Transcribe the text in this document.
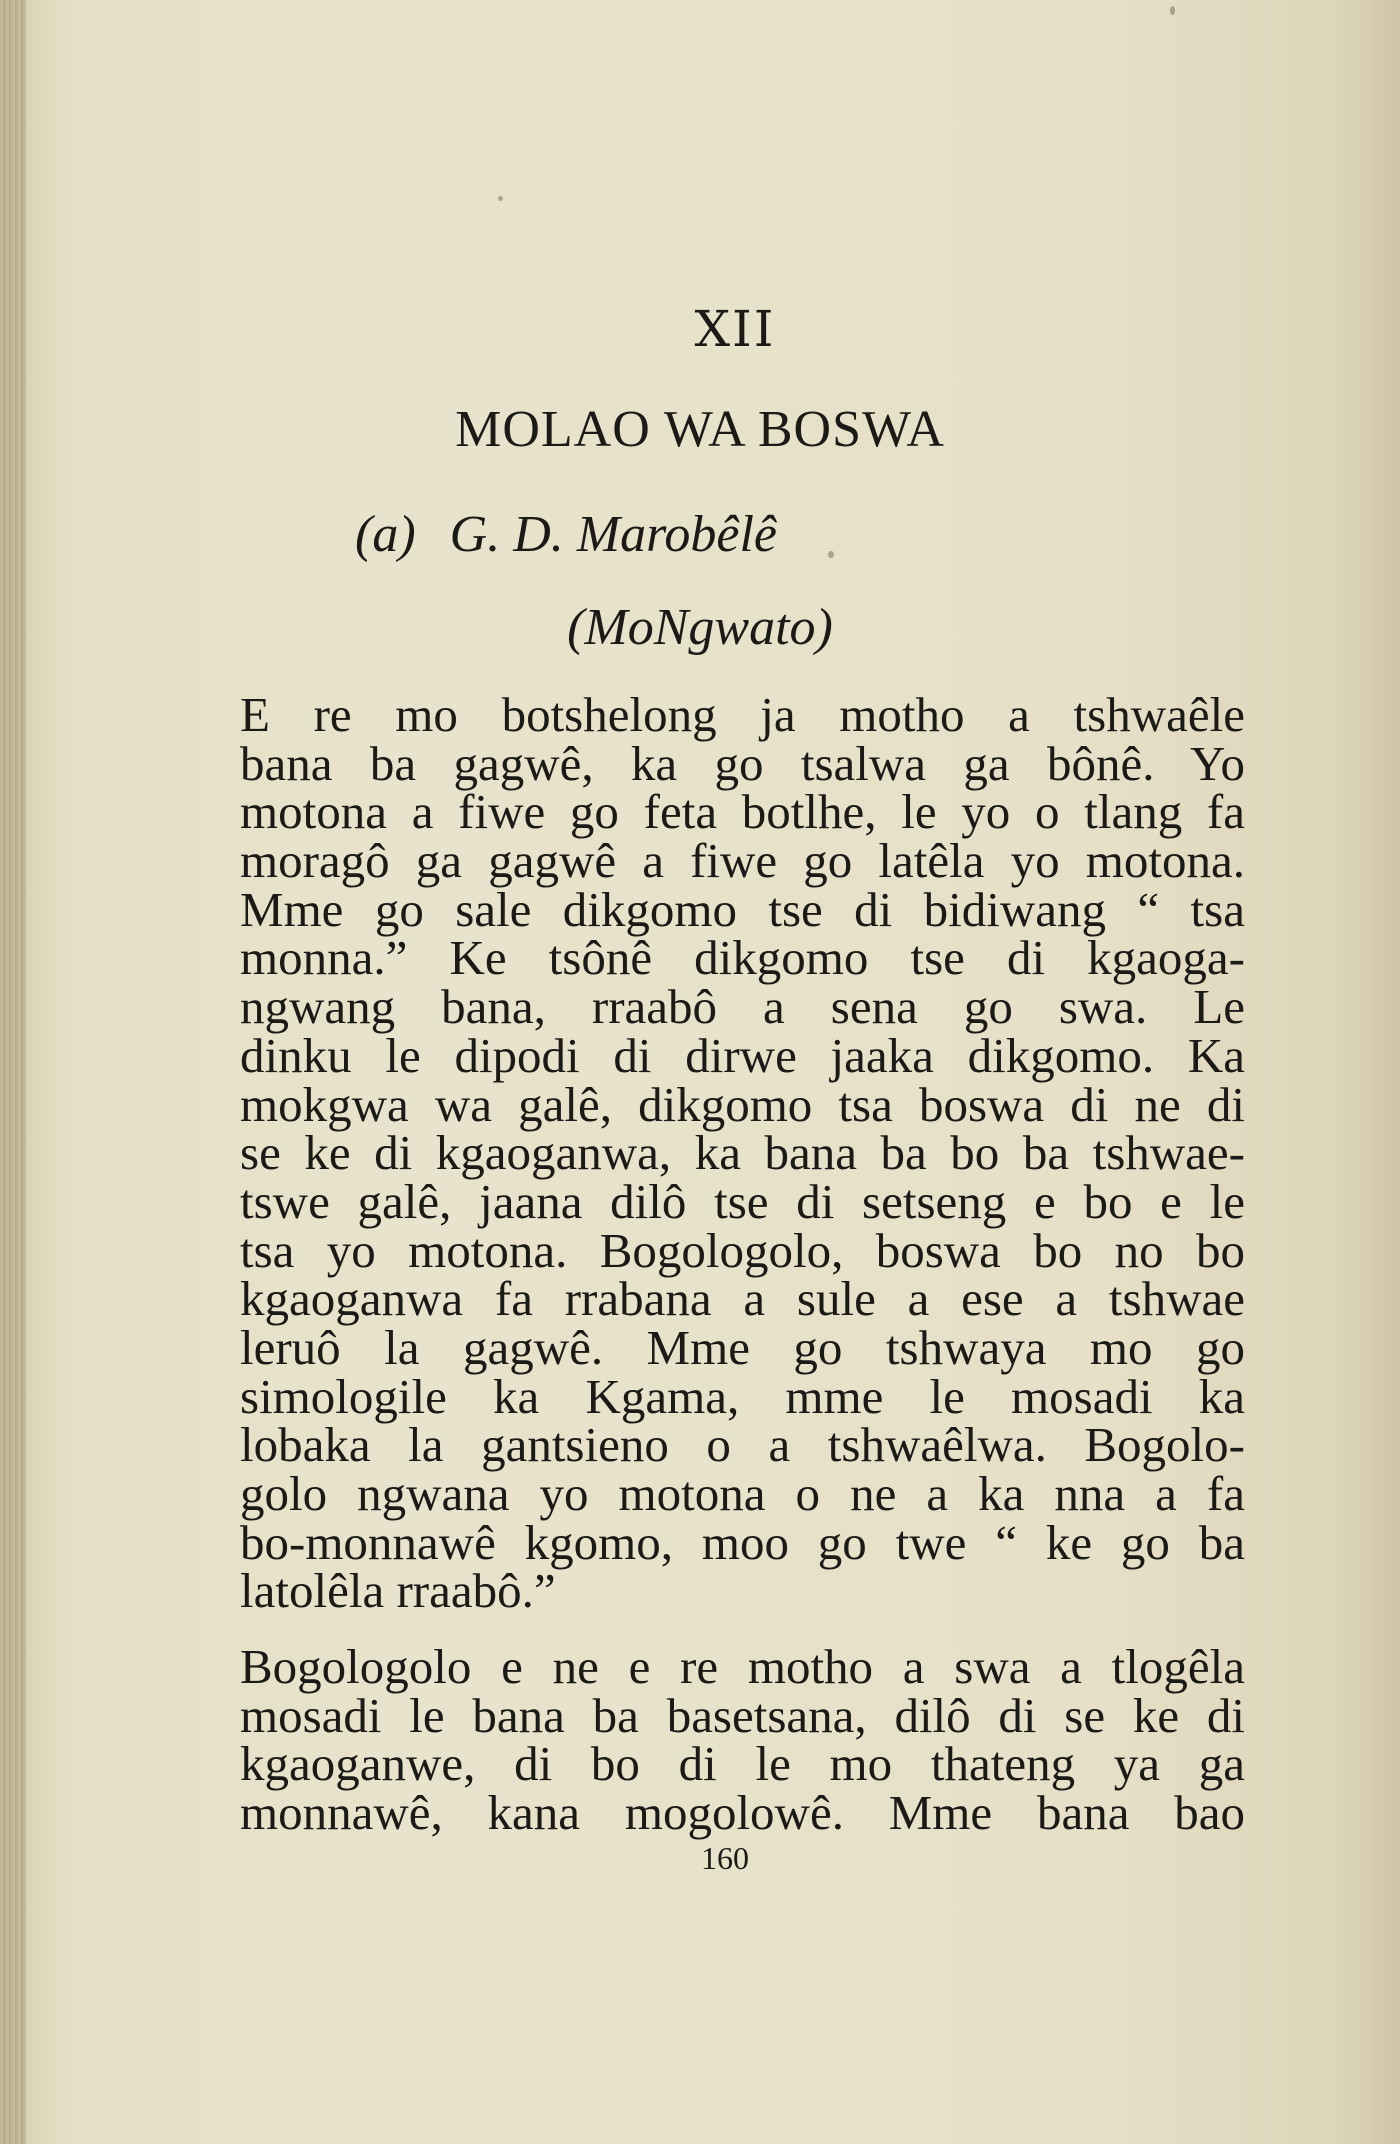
XII
MOLAO WA BOSWA
(a) G. D. Marobêlê
(MoNgwato)
E re mo botshelong ja motho a tshwaêle
bana ba gagwê, ka go tsalwa ga bônê. Yo
motona a fiwe go feta botlhe, le yo o tlang fa
moragô ga gagwê a fiwe go latêla yo motona.
Mme go sale dikgomo tse di bidiwang “ tsa
monna.” Ke tsônê dikgomo tse di kgaoga-
ngwang bana, rraabô a sena go swa. Le
dinku le dipodi di dirwe jaaka dikgomo. Ka
mokgwa wa galê, dikgomo tsa boswa di ne di
se ke di kgaoganwa, ka bana ba bo ba tshwae-
tswe galê, jaana dilô tse di setseng e bo e le
tsa yo motona. Bogologolo, boswa bo no bo
kgaoganwa fa rrabana a sule a ese a tshwae
leruô la gagwê. Mme go tshwaya mo go
simologile ka Kgama, mme le mosadi ka
lobaka la gantsieno o a tshwaêlwa. Bogolo-
golo ngwana yo motona o ne a ka nna a fa
bo-monnawê kgomo, moo go twe “ ke go ba
latolêla rraabô.”
Bogologolo e ne e re motho a swa a tlogêla
mosadi le bana ba basetsana, dilô di se ke di
kgaoganwe, di bo di le mo thateng ya ga
monnawê, kana mogolowê. Mme bana bao
160
